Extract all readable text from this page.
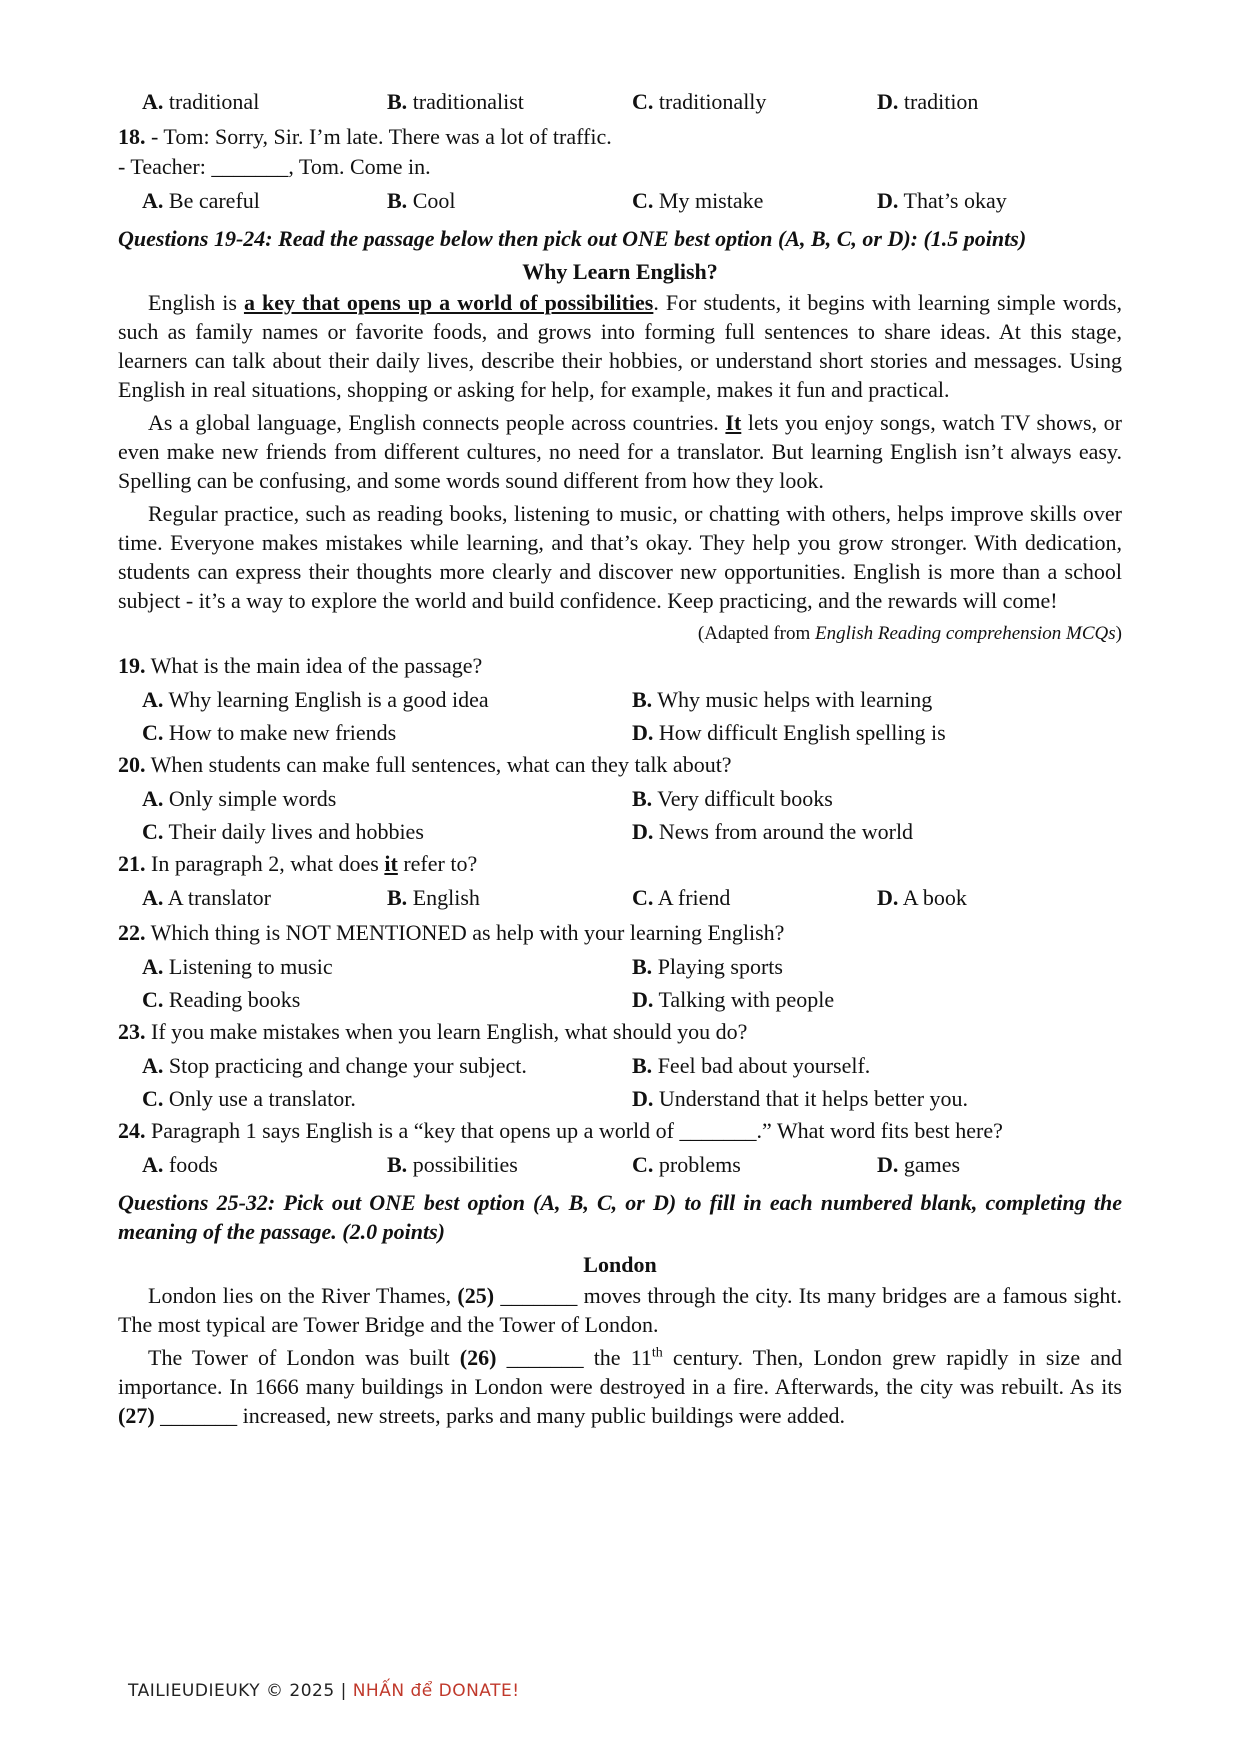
A. traditional	B. traditionalist	C. traditionally	D. tradition
18. - Tom: Sorry, Sir. I’m late. There was a lot of traffic.
- Teacher: _______, Tom. Come in.
A. Be careful	B. Cool	C. My mistake	D. That’s okay
Questions 19-24: Read the passage below then pick out ONE best option (A, B, C, or D): (1.5 points)
Why Learn English?
English is a key that opens up a world of possibilities. For students, it begins with learning simple words, such as family names or favorite foods, and grows into forming full sentences to share ideas. At this stage, learners can talk about their daily lives, describe their hobbies, or understand short stories and messages. Using English in real situations, shopping or asking for help, for example, makes it fun and practical.
As a global language, English connects people across countries. It lets you enjoy songs, watch TV shows, or even make new friends from different cultures, no need for a translator. But learning English isn’t always easy. Spelling can be confusing, and some words sound different from how they look.
Regular practice, such as reading books, listening to music, or chatting with others, helps improve skills over time. Everyone makes mistakes while learning, and that’s okay. They help you grow stronger. With dedication, students can express their thoughts more clearly and discover new opportunities. English is more than a school subject - it’s a way to explore the world and build confidence. Keep practicing, and the rewards will come!
(Adapted from English Reading comprehension MCQs)
19. What is the main idea of the passage?
A. Why learning English is a good idea	B. Why music helps with learning
C. How to make new friends	D. How difficult English spelling is
20. When students can make full sentences, what can they talk about?
A. Only simple words	B. Very difficult books
C. Their daily lives and hobbies	D. News from around the world
21. In paragraph 2, what does it refer to?
A. A translator	B. English	C. A friend	D. A book
22. Which thing is NOT MENTIONED as help with your learning English?
A. Listening to music	B. Playing sports
C. Reading books	D. Talking with people
23. If you make mistakes when you learn English, what should you do?
A. Stop practicing and change your subject.	B. Feel bad about yourself.
C. Only use a translator.	D. Understand that it helps better you.
24. Paragraph 1 says English is a “key that opens up a world of _______.” What word fits best here?
A. foods	B. possibilities	C. problems	D. games
Questions 25-32: Pick out ONE best option (A, B, C, or D) to fill in each numbered blank, completing the meaning of the passage. (2.0 points)
London
London lies on the River Thames, (25) _______ moves through the city. Its many bridges are a famous sight. The most typical are Tower Bridge and the Tower of London.
The Tower of London was built (26) _______ the 11th century. Then, London grew rapidly in size and importance. In 1666 many buildings in London were destroyed in a fire. Afterwards, the city was rebuilt. As its (27) _______ increased, new streets, parks and many public buildings were added.
TAILIEUDIEUKY © 2025 | NHẤN để DONATE!
